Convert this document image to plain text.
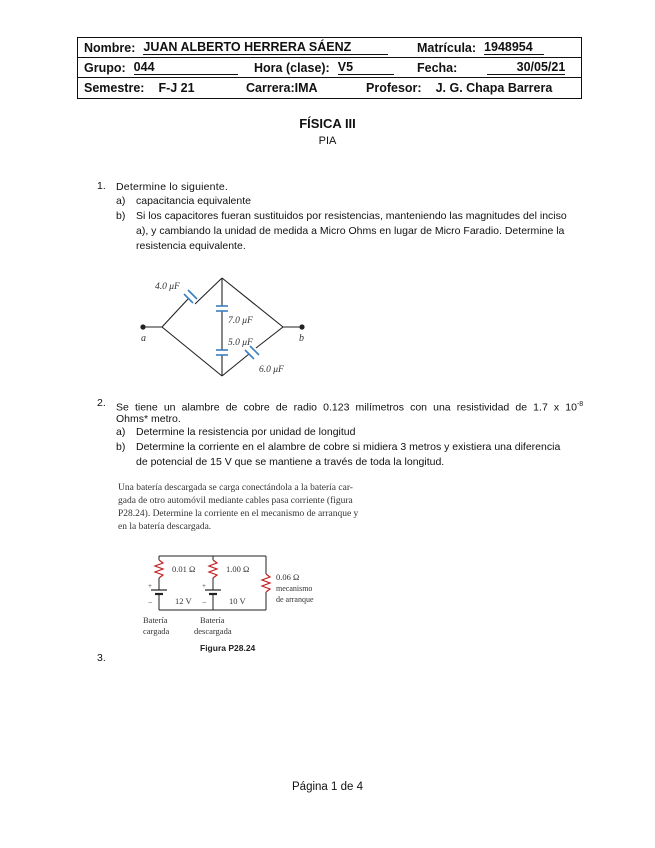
Nombre: JUAN ALBERTO HERRERA SÁENZ	Matrícula: 1948954
Grupo: 044	Hora (clase): V5	Fecha:	30/05/21
Semestre: F-J 21	Carrera:IMA	Profesor: J. G. Chapa Barrera
FÍSICA III
PIA
1. Determine lo siguiente.
a) capacitancia equivalente
b) Si los capacitores fueran sustituidos por resistencias, manteniendo las magnitudes del inciso
a), y cambiando la unidad de medida a Micro Ohms en lugar de Micro Faradio. Determine la
resistencia equivalente.
4.0 μF
7.0 μF
5.0 μF
6.0 μF
a	b
2. Se tiene un alambre de cobre de radio 0.123 milímetros con una resistividad de 1.7 x $10^{-8}$
Ohms* metro.
a) Determine la resistencia por unidad de longitud
b) Determine la corriente en el alambre de cobre si midiera 3 metros y existiera una diferencia
de potencial de 15 V que se mantiene a través de toda la longitud.
Una batería descargada se carga conectándola a la batería car-
gada de otro automóvil mediante cables pasa corriente (figura
P28.24). Determine la corriente en el mecanismo de arranque y
en la batería descargada.
0.01 Ω	1.00 Ω
0.06 Ω
mecanismo
de arranque
12 V	10 V
+
−
+
−
Batería
cargada
Batería
descargada
Figura P28.24
3.
Página 1 de 4
